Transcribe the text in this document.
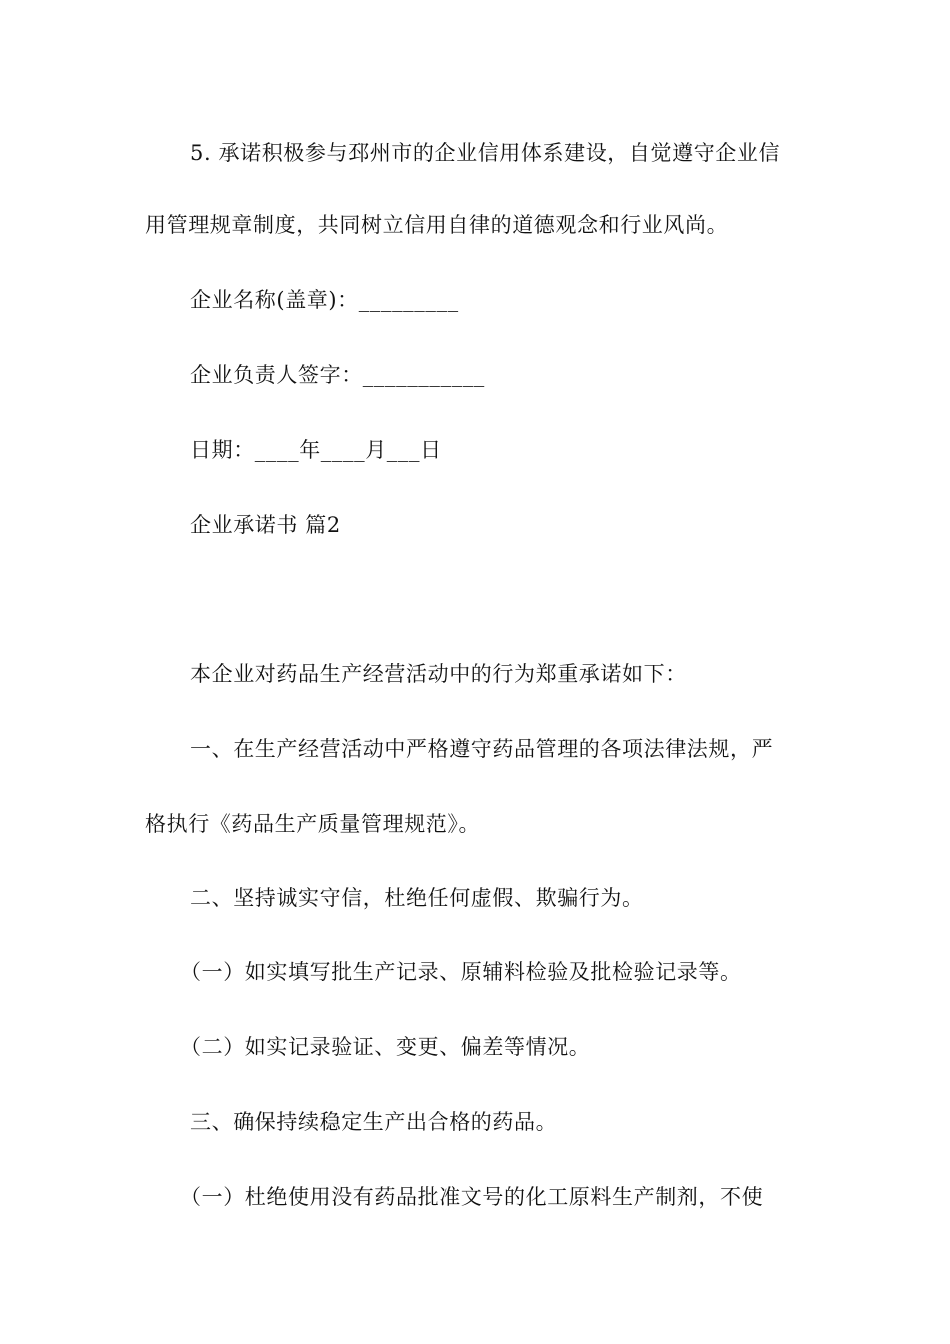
5. 承诺积极参与邳州市的企业信用体系建设，自觉遵守企业信
用管理规章制度，共同树立信用自律的道德观念和行业风尚。
企业名称(盖章)：_________
企业负责人签字：___________
日期：____年____月___日
企业承诺书 篇2
本企业对药品生产经营活动中的行为郑重承诺如下：
一、在生产经营活动中严格遵守药品管理的各项法律法规，严
格执行《药品生产质量管理规范》。
二、坚持诚实守信，杜绝任何虚假、欺骗行为。
（一）如实填写批生产记录、原辅料检验及批检验记录等。
（二）如实记录验证、变更、偏差等情况。
三、确保持续稳定生产出合格的药品。
（一）杜绝使用没有药品批准文号的化工原料生产制剂，不使
